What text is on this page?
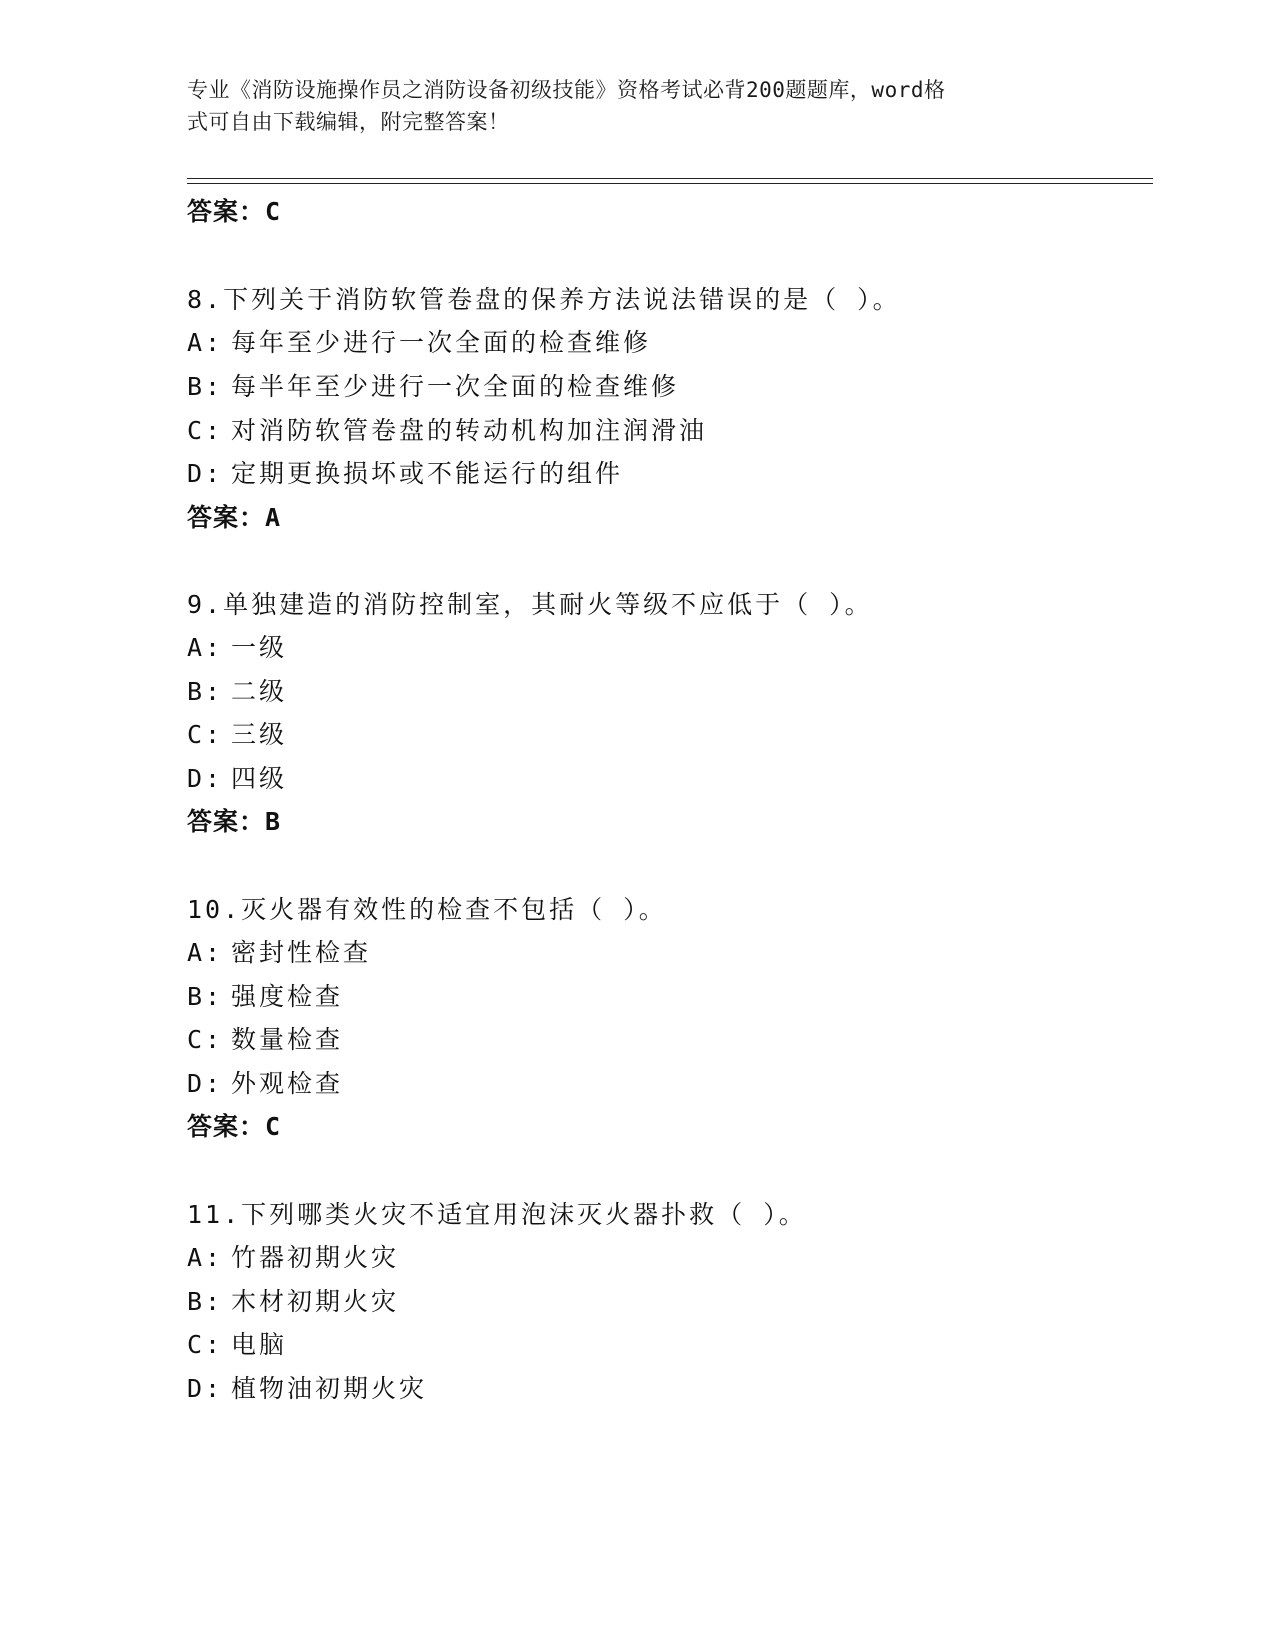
专业《消防设施操作员之消防设备初级技能》资格考试必背200题题库，word格
式可自由下载编辑，附完整答案！
答案：C
8.下列关于消防软管卷盘的保养方法说法错误的是（ ）。
A: 每年至少进行一次全面的检查维修
B: 每半年至少进行一次全面的检查维修
C: 对消防软管卷盘的转动机构加注润滑油
D: 定期更换损坏或不能运行的组件
答案：A
9.单独建造的消防控制室，其耐火等级不应低于（ ）。
A: 一级
B: 二级
C: 三级
D: 四级
答案：B
10.灭火器有效性的检查不包括（ ）。
A: 密封性检查
B: 强度检查
C: 数量检查
D: 外观检查
答案：C
11.下列哪类火灾不适宜用泡沫灭火器扑救（ ）。
A: 竹器初期火灾
B: 木材初期火灾
C: 电脑
D: 植物油初期火灾
